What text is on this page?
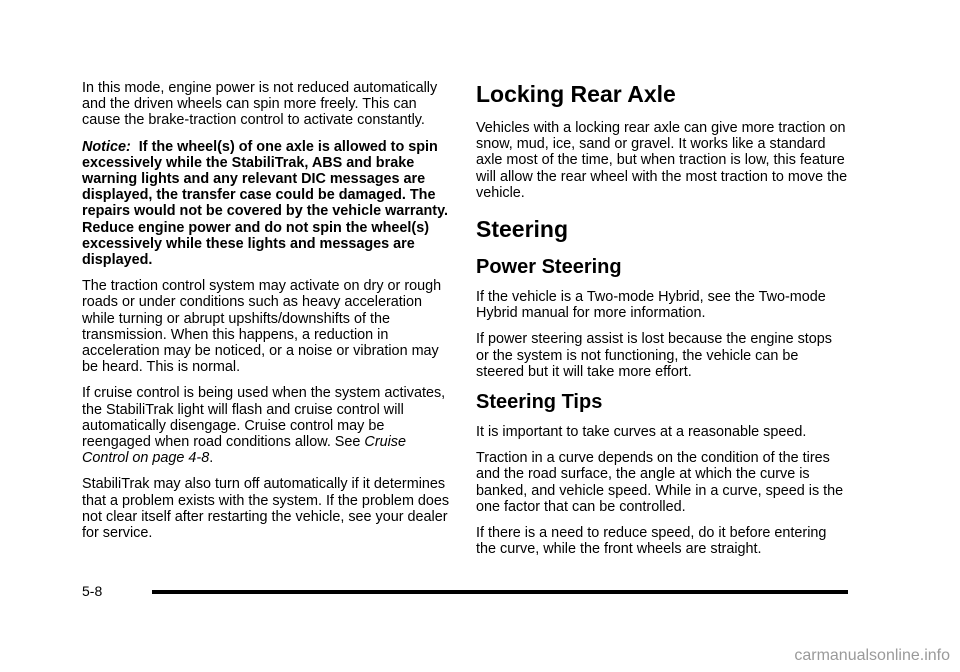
In this mode, engine power is not reduced automatically and the driven wheels can spin more freely. This can cause the brake-traction control to activate constantly.

Notice: If the wheel(s) of one axle is allowed to spin excessively while the StabiliTrak, ABS and brake warning lights and any relevant DIC messages are displayed, the transfer case could be damaged. The repairs would not be covered by the vehicle warranty. Reduce engine power and do not spin the wheel(s) excessively while these lights and messages are displayed.

The traction control system may activate on dry or rough roads or under conditions such as heavy acceleration while turning or abrupt upshifts/downshifts of the transmission. When this happens, a reduction in acceleration may be noticed, or a noise or vibration may be heard. This is normal.

If cruise control is being used when the system activates, the StabiliTrak light will flash and cruise control will automatically disengage. Cruise control may be reengaged when road conditions allow. See Cruise Control on page 4-8.

StabiliTrak may also turn off automatically if it determines that a problem exists with the system. If the problem does not clear itself after restarting the vehicle, see your dealer for service.

Locking Rear Axle

Vehicles with a locking rear axle can give more traction on snow, mud, ice, sand or gravel. It works like a standard axle most of the time, but when traction is low, this feature will allow the rear wheel with the most traction to move the vehicle.

Steering
Power Steering

If the vehicle is a Two-mode Hybrid, see the Two-mode Hybrid manual for more information.

If power steering assist is lost because the engine stops or the system is not functioning, the vehicle can be steered but it will take more effort.

Steering Tips

It is important to take curves at a reasonable speed.

Traction in a curve depends on the condition of the tires and the road surface, the angle at which the curve is banked, and vehicle speed. While in a curve, speed is the one factor that can be controlled.

If there is a need to reduce speed, do it before entering the curve, while the front wheels are straight.

5-8
carmanualsonline.info
